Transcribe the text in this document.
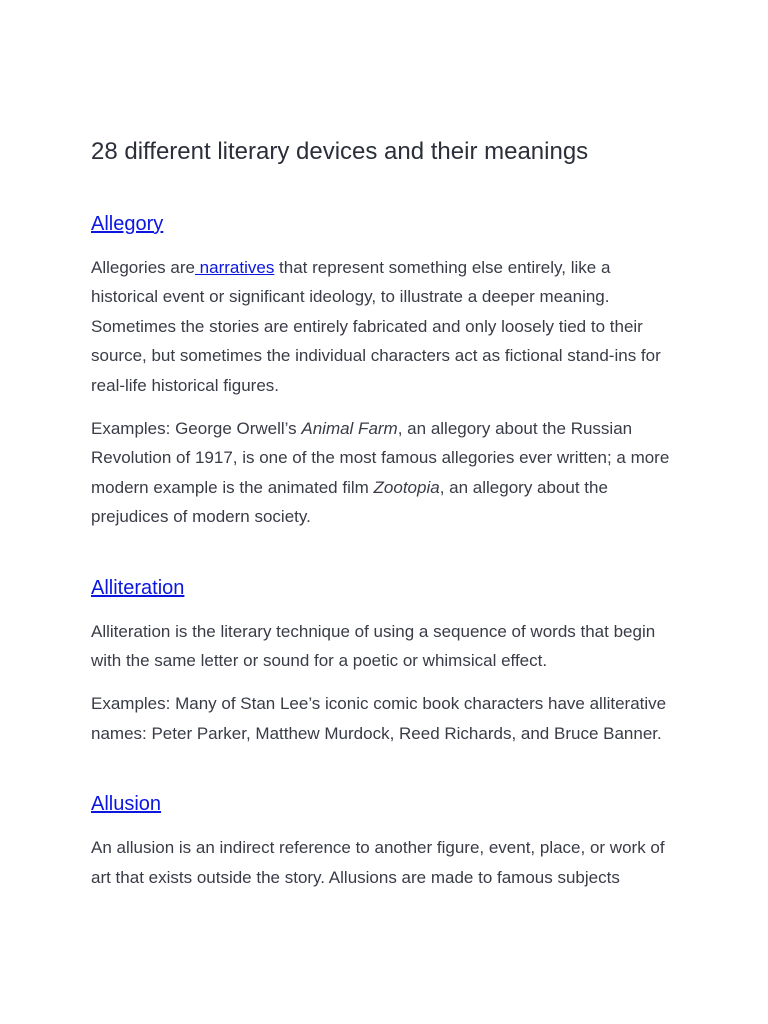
28 different literary devices and their meanings
Allegory

Allegories are narratives that represent something else entirely, like a historical event or significant ideology, to illustrate a deeper meaning. Sometimes the stories are entirely fabricated and only loosely tied to their source, but sometimes the individual characters act as fictional stand-ins for real-life historical figures.

Examples: George Orwell’s Animal Farm, an allegory about the Russian Revolution of 1917, is one of the most famous allegories ever written; a more modern example is the animated film Zootopia, an allegory about the prejudices of modern society.

Alliteration

Alliteration is the literary technique of using a sequence of words that begin with the same letter or sound for a poetic or whimsical effect.

Examples: Many of Stan Lee’s iconic comic book characters have alliterative names: Peter Parker, Matthew Murdock, Reed Richards, and Bruce Banner.

Allusion

An allusion is an indirect reference to another figure, event, place, or work of art that exists outside the story. Allusions are made to famous subjects
